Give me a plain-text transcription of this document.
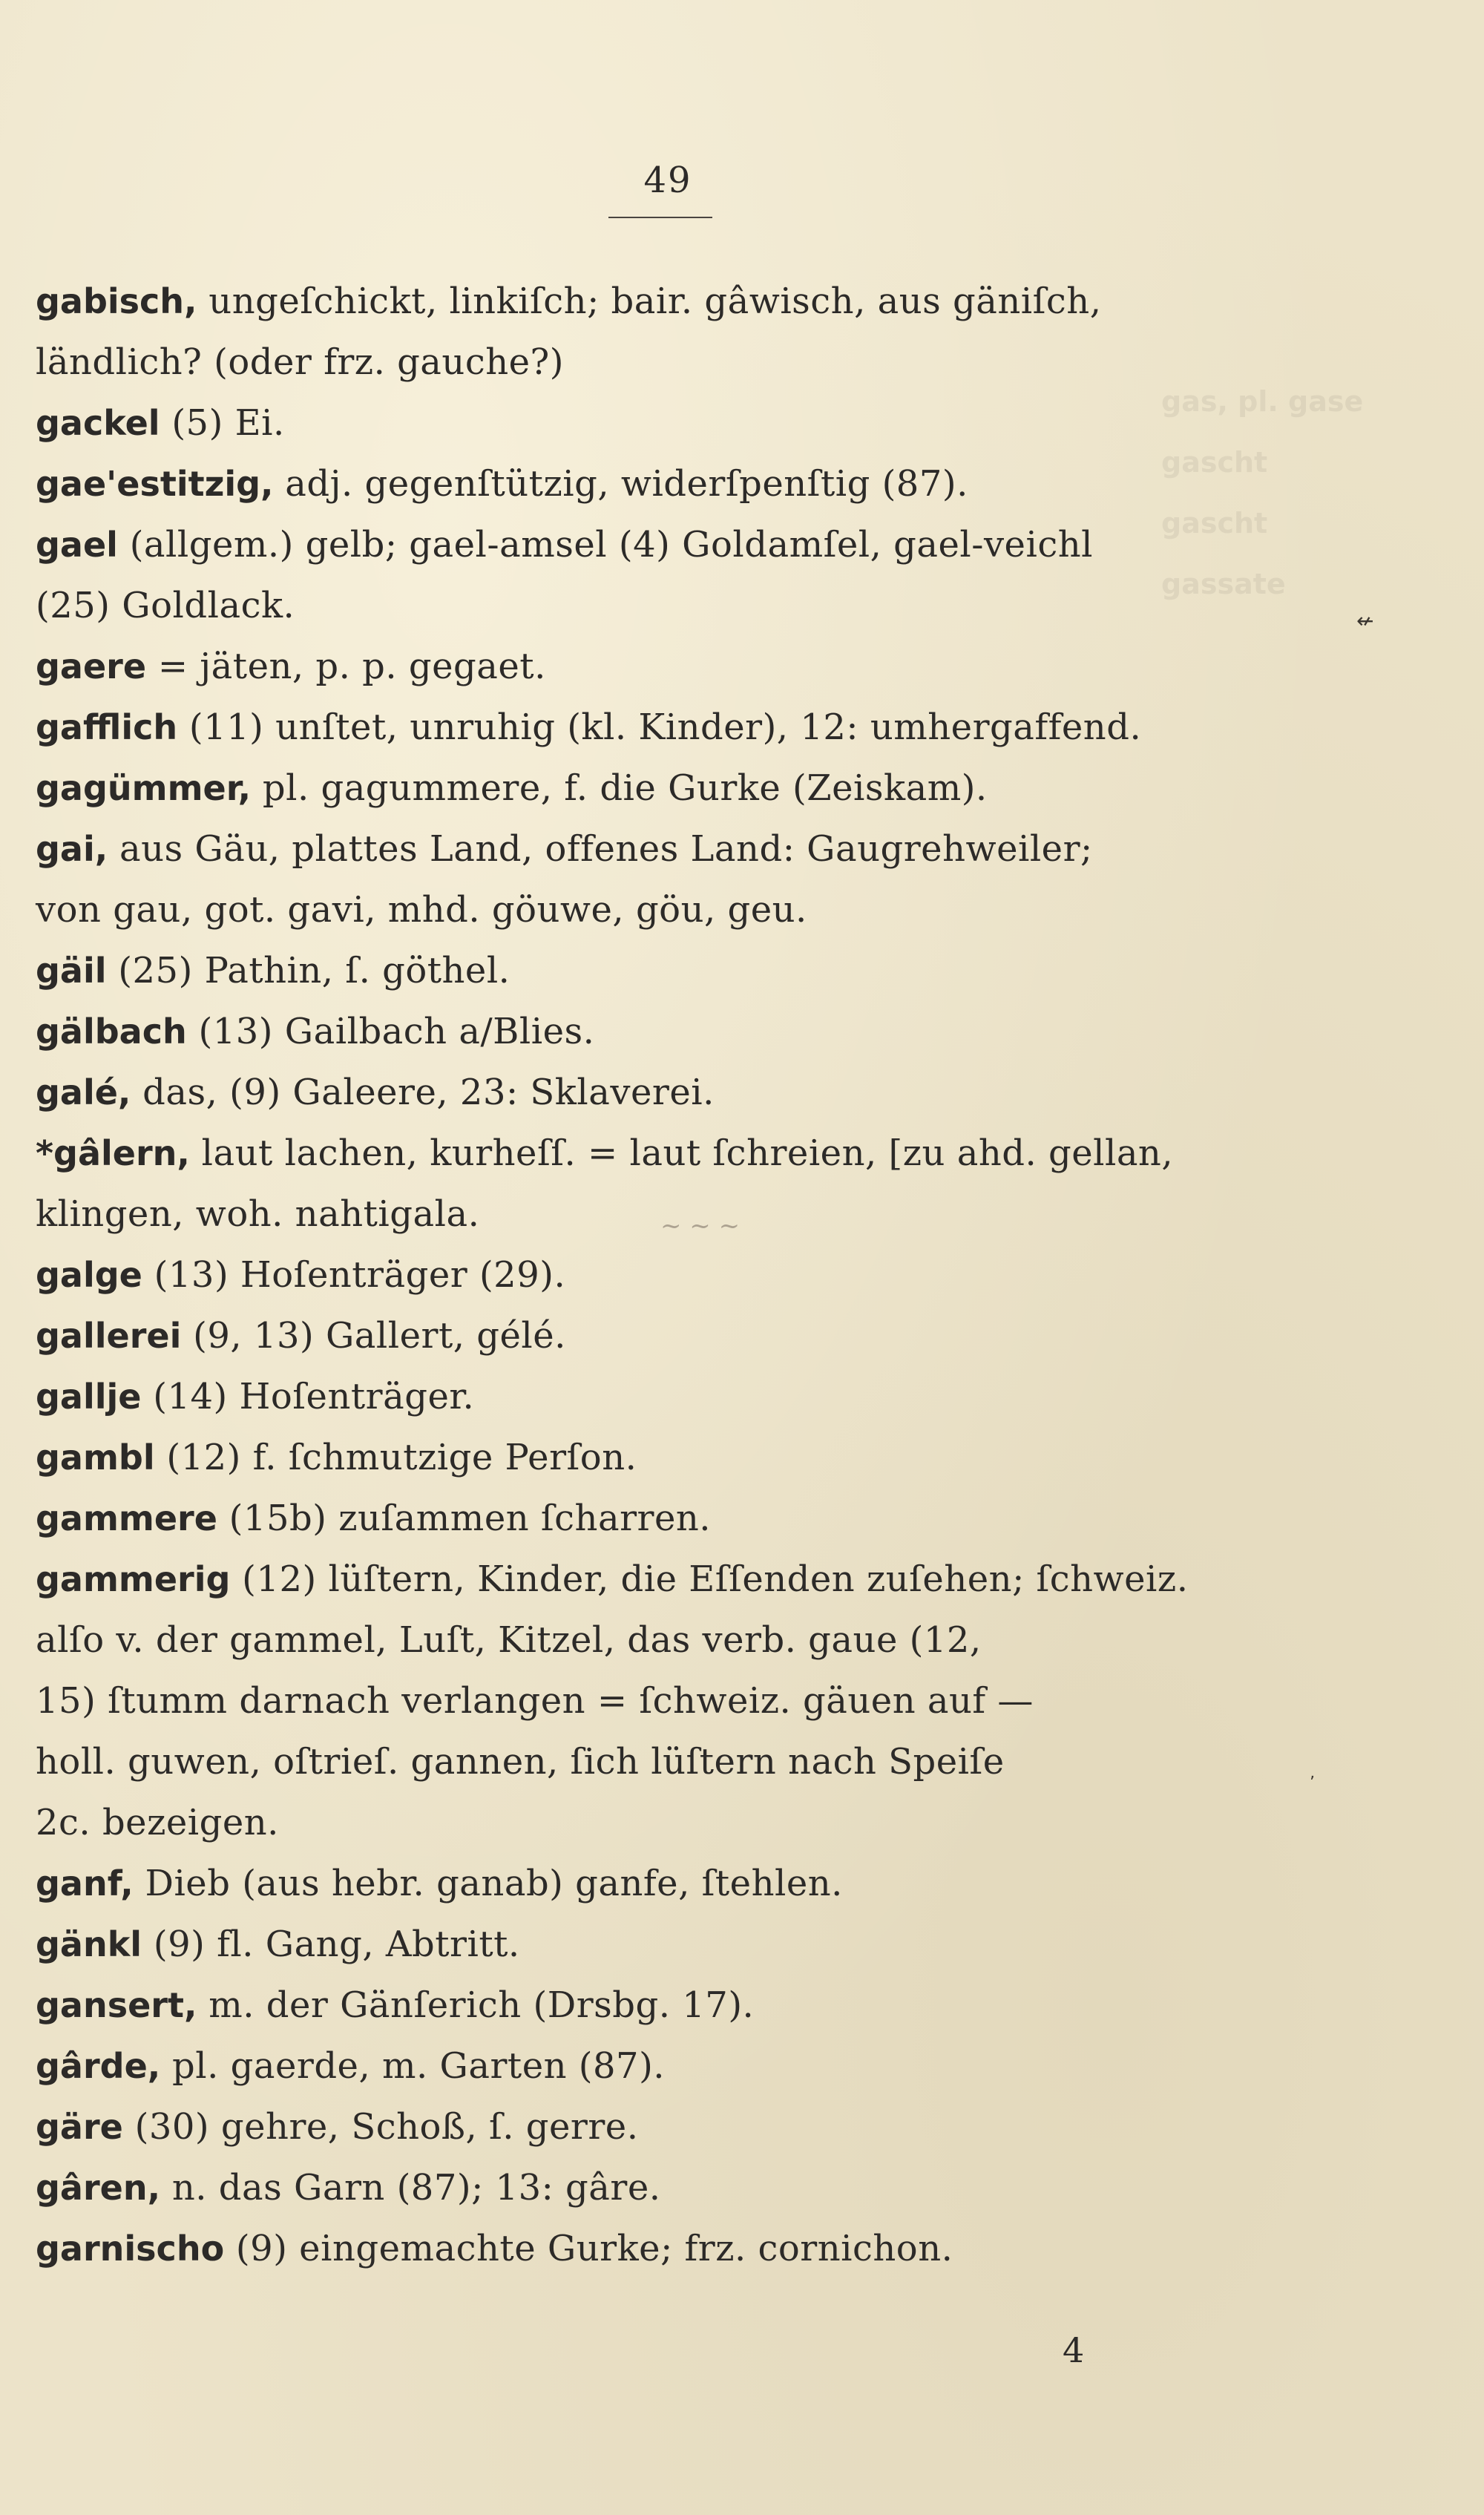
49
gas, pl. gase
gascht
gascht
gassate
↚
ʼ
~ ~ ~
gabisch, ungeſchickt, linkiſch; bair. gâwisch, aus gäniſch,
ländlich? (oder frz. gauche?)
gackel (5) Ei.
gae'estitzig, adj. gegenſtützig, widerſpenſtig (87).
gael (allgem.) gelb; gael-amsel (4) Goldamſel, gael-veichl
(25) Goldlack.
gaere = jäten, p. p. gegaet.
gafflich (11) unſtet, unruhig (kl. Kinder), 12: umhergaffend.
gagümmer, pl. gagummere, f. die Gurke (Zeiskam).
gai, aus Gäu, plattes Land, offenes Land: Gaugrehweiler;
von gau, got. gavi, mhd. göuwe, göu, geu.
gäil (25) Pathin, ſ. göthel.
gälbach (13) Gailbach a/Blies.
galé, das, (9) Galeere, 23: Sklaverei.
*gâlern, laut lachen, kurheſſ. = laut ſchreien, [zu ahd. gellan,
klingen, woh. nahtigala.
galge (13) Hoſenträger (29).
gallerei (9, 13) Gallert, gélé.
gallje (14) Hoſenträger.
gambl (12) f. ſchmutzige Perſon.
gammere (15b) zuſammen ſcharren.
gammerig (12) lüſtern, Kinder, die Eſſenden zuſehen; ſchweiz.
alſo v. der gammel, Luſt, Kitzel, das verb. gaue (12,
15) ſtumm darnach verlangen = ſchweiz. gäuen auf —
holl. guwen, oſtrieſ. gannen, ſich lüſtern nach Speiſe
2c. bezeigen.
ganf, Dieb (aus hebr. ganab) ganfe, ſtehlen.
gänkl (9) fl. Gang, Abtritt.
gansert, m. der Gänſerich (Drsbg. 17).
gârde, pl. gaerde, m. Garten (87).
gäre (30) gehre, Schoß, ſ. gerre.
gâren, n. das Garn (87); 13: gâre.
garnischo (9) eingemachte Gurke; frz. cornichon.
4
